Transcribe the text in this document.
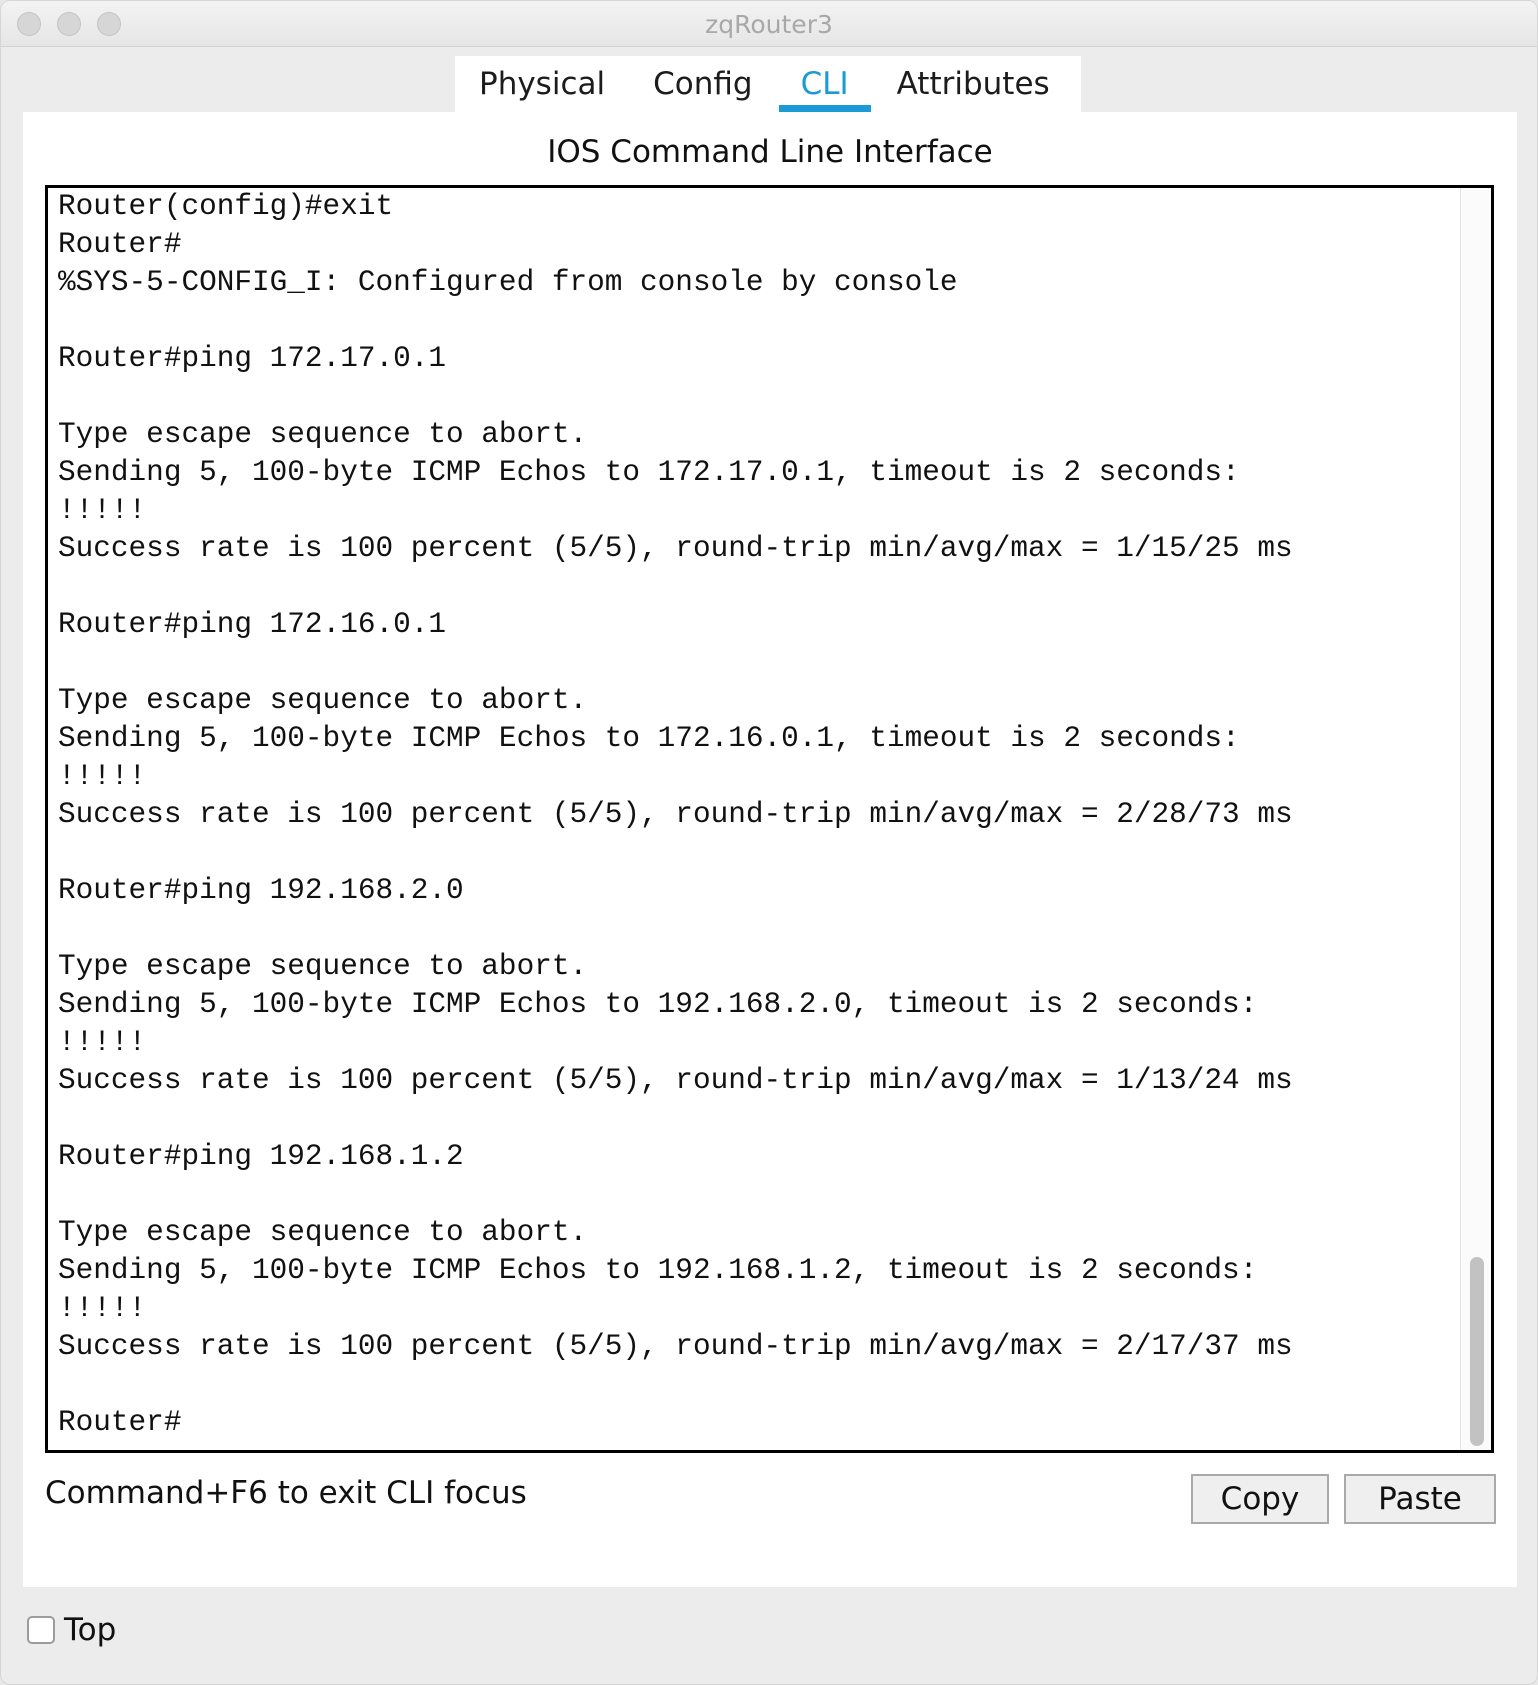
zqRouter3
Physical	Config	CLI	Attributes
IOS Command Line Interface
Router(config)#exit
Router#
%SYS-5-CONFIG_I: Configured from console by console

Router#ping 172.17.0.1

Type escape sequence to abort.
Sending 5, 100-byte ICMP Echos to 172.17.0.1, timeout is 2 seconds:
!!!!!
Success rate is 100 percent (5/5), round-trip min/avg/max = 1/15/25 ms

Router#ping 172.16.0.1

Type escape sequence to abort.
Sending 5, 100-byte ICMP Echos to 172.16.0.1, timeout is 2 seconds:
!!!!!
Success rate is 100 percent (5/5), round-trip min/avg/max = 2/28/73 ms

Router#ping 192.168.2.0

Type escape sequence to abort.
Sending 5, 100-byte ICMP Echos to 192.168.2.0, timeout is 2 seconds:
!!!!!
Success rate is 100 percent (5/5), round-trip min/avg/max = 1/13/24 ms

Router#ping 192.168.1.2

Type escape sequence to abort.
Sending 5, 100-byte ICMP Echos to 192.168.1.2, timeout is 2 seconds:
!!!!!
Success rate is 100 percent (5/5), round-trip min/avg/max = 2/17/37 ms

Router#
Command+F6 to exit CLI focus	Copy	Paste
Top
